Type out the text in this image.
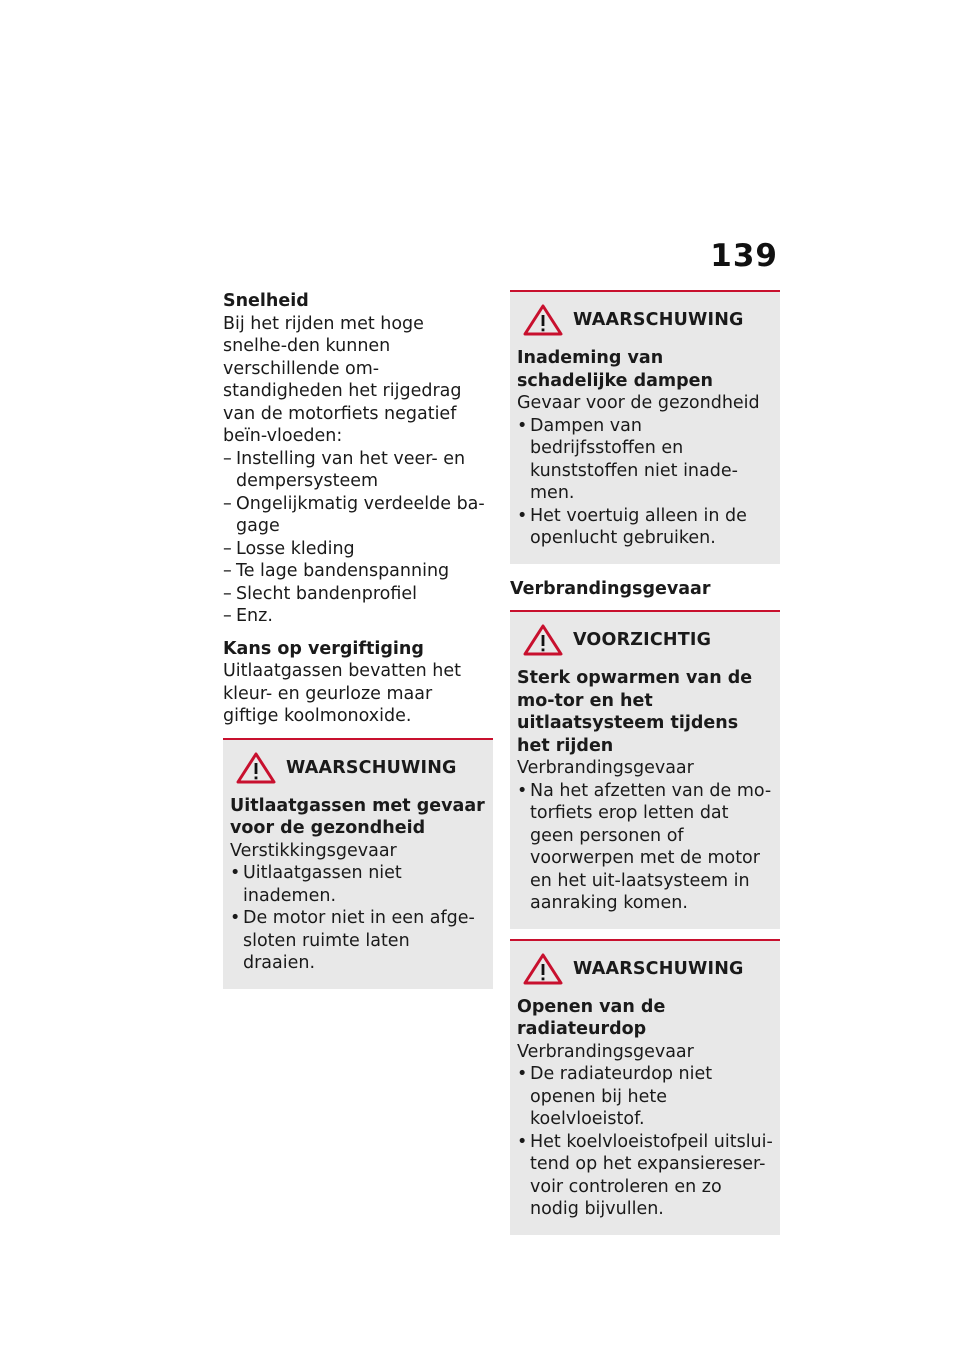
139
Snelheid
Bij het rijden met hoge snelhe-den kunnen verschillende om-standigheden het rijgedrag van de motorfiets negatief beïn-vloeden:
– Instelling van het veer- en dempersysteem
– Ongelijkmatig verdeelde ba-gage
– Losse kleding
– Te lage bandenspanning
– Slecht bandenprofiel
– Enz.
Kans op vergiftiging
Uitlaatgassen bevatten het kleur- en geurloze maar giftige koolmonoxide.
WAARSCHUWING
Uitlaatgassen met gevaar voor de gezondheid
Verstikkingsgevaar
• Uitlaatgassen niet inademen.
• De motor niet in een afge-sloten ruimte laten draaien.
WAARSCHUWING
Inademing van schadelijke dampen
Gevaar voor de gezondheid
• Dampen van bedrijfsstoffen en kunststoffen niet inade-men.
• Het voertuig alleen in de openlucht gebruiken.
Verbrandingsgevaar
VOORZICHTIG
Sterk opwarmen van de mo-tor en het uitlaatsysteem tijdens het rijden
Verbrandingsgevaar
• Na het afzetten van de mo-torfiets erop letten dat geen personen of voorwerpen met de motor en het uit-laatsysteem in aanraking komen.
WAARSCHUWING
Openen van de radiateurdop
Verbrandingsgevaar
• De radiateurdop niet openen bij hete koelvloeistof.
• Het koelvloeistofpeil uitslui-tend op het expansiereser-voir controleren en zo nodig bijvullen.
